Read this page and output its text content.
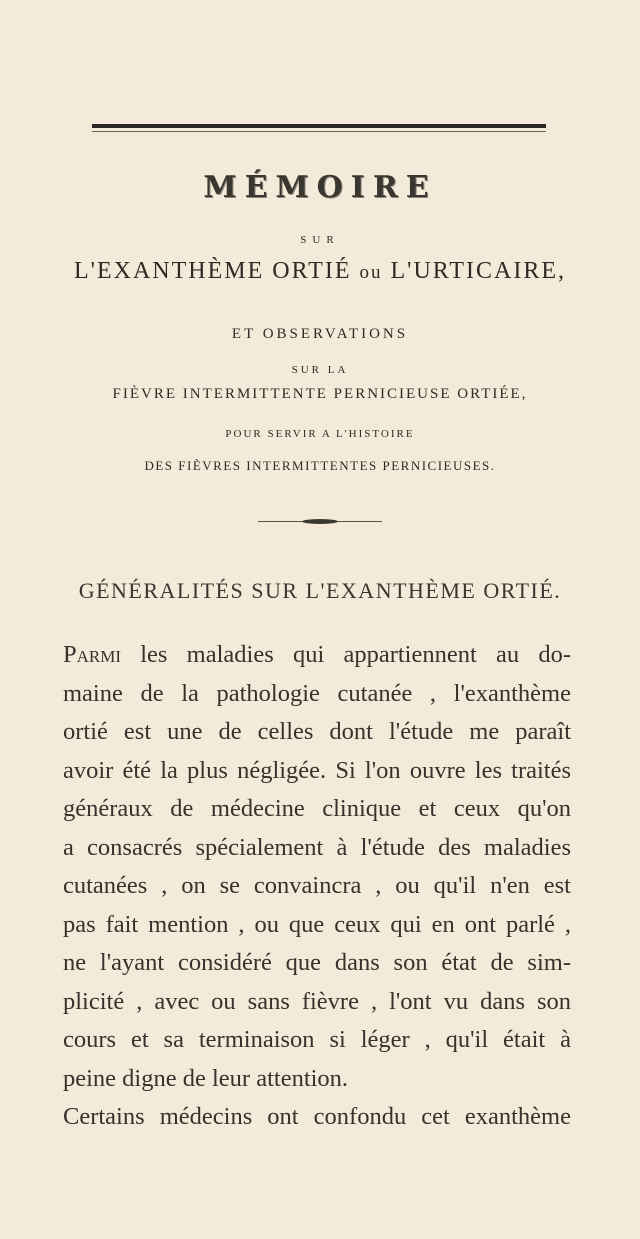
MÉMOIRE
SUR
L'EXANTHÈME ORTIÉ ou L'URTICAIRE,
ET OBSERVATIONS
SUR LA
FIÈVRE INTERMITTENTE PERNICIEUSE ORTIÉE,
POUR SERVIR A L'HISTOIRE
DES FIÈVRES INTERMITTENTES PERNICIEUSES.
GÉNÉRALITÉS SUR L'EXANTHÈME ORTIÉ.
Parmi les maladies qui appartiennent au do-
maine de la pathologie cutanée , l'exanthème
ortié est une de celles dont l'étude me paraît
avoir été la plus négligée. Si l'on ouvre les traités
généraux de médecine clinique et ceux qu'on
a consacrés spécialement à l'étude des maladies
cutanées , on se convaincra , ou qu'il n'en est
pas fait mention , ou que ceux qui en ont parlé ,
ne l'ayant considéré que dans son état de sim-
plicité , avec ou sans fièvre , l'ont vu dans son
cours et sa terminaison si léger , qu'il était à
peine digne de leur attention.
Certains médecins ont confondu cet exanthème
